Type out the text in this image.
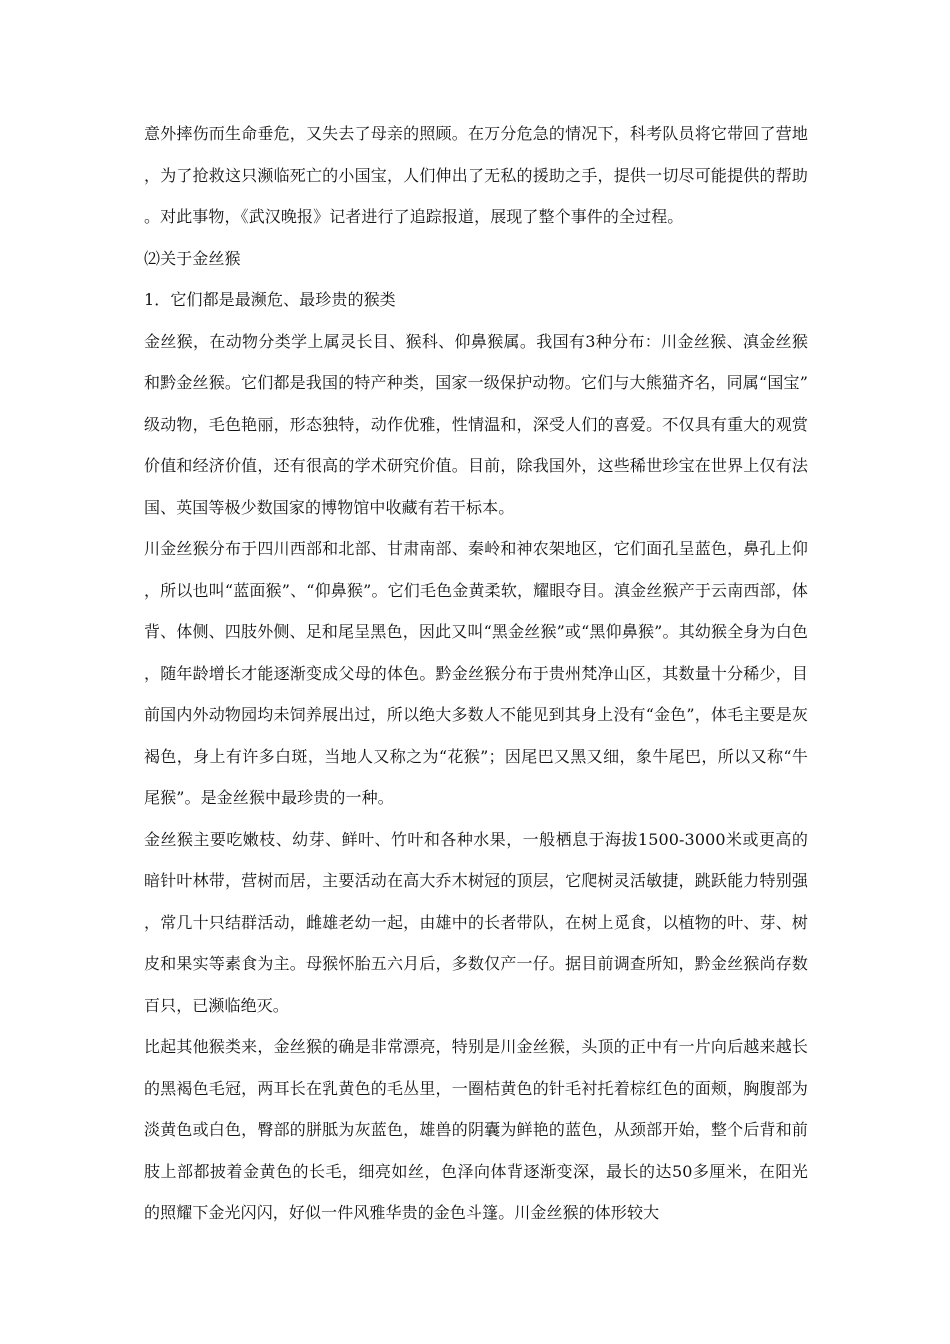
意外摔伤而生命垂危，又失去了母亲的照顾。在万分危急的情况下，科考队员将它带回了营地，为了抢救这只濒临死亡的小国宝，人们伸出了无私的援助之手，提供一切尽可能提供的帮助。对此事物，《武汉晚报》记者进行了追踪报道，展现了整个事件的全过程。

⑵关于金丝猴

1．它们都是最濒危、最珍贵的猴类

金丝猴，在动物分类学上属灵长目、猴科、仰鼻猴属。我国有3种分布：川金丝猴、滇金丝猴和黔金丝猴。它们都是我国的特产种类，国家一级保护动物。它们与大熊猫齐名，同属“国宝”级动物，毛色艳丽，形态独特，动作优雅，性情温和，深受人们的喜爱。不仅具有重大的观赏价值和经济价值，还有很高的学术研究价值。目前，除我国外，这些稀世珍宝在世界上仅有法国、英国等极少数国家的博物馆中收藏有若干标本。

川金丝猴分布于四川西部和北部、甘肃南部、秦岭和神农架地区，它们面孔呈蓝色，鼻孔上仰，所以也叫“蓝面猴”、“仰鼻猴”。它们毛色金黄柔软，耀眼夺目。滇金丝猴产于云南西部，体背、体侧、四肢外侧、足和尾呈黑色，因此又叫“黑金丝猴”或“黑仰鼻猴”。其幼猴全身为白色，随年龄增长才能逐渐变成父母的体色。黔金丝猴分布于贵州梵净山区，其数量十分稀少，目前国内外动物园均未饲养展出过，所以绝大多数人不能见到其身上没有“金色”，体毛主要是灰褐色，身上有许多白斑，当地人又称之为“花猴”；因尾巴又黑又细，象牛尾巴，所以又称“牛尾猴”。是金丝猴中最珍贵的一种。

金丝猴主要吃嫩枝、幼芽、鲜叶、竹叶和各种水果，一般栖息于海拔1500-3000米或更高的暗针叶林带，营树而居，主要活动在高大乔木树冠的顶层，它爬树灵活敏捷，跳跃能力特别强，常几十只结群活动，雌雄老幼一起，由雄中的长者带队，在树上觅食，以植物的叶、芽、树皮和果实等素食为主。母猴怀胎五六月后，多数仅产一仔。据目前调查所知，黔金丝猴尚存数百只，已濒临绝灭。

比起其他猴类来，金丝猴的确是非常漂亮，特别是川金丝猴，头顶的正中有一片向后越来越长的黑褐色毛冠，两耳长在乳黄色的毛丛里，一圈桔黄色的针毛衬托着棕红色的面颊，胸腹部为淡黄色或白色，臀部的胼胝为灰蓝色，雄兽的阴囊为鲜艳的蓝色，从颈部开始，整个后背和前肢上部都披着金黄色的长毛，细亮如丝，色泽向体背逐渐变深，最长的达50多厘米，在阳光的照耀下金光闪闪，好似一件风雅华贵的金色斗篷。川金丝猴的体形较大
